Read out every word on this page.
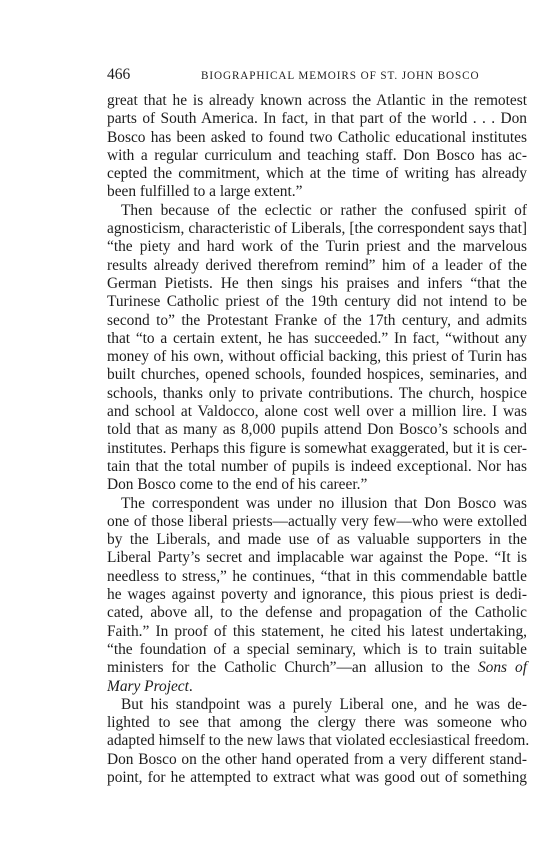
466	BIOGRAPHICAL MEMOIRS OF ST. JOHN BOSCO
great that he is already known across the Atlantic in the remotest
parts of South America. In fact, in that part of the world . . . Don
Bosco has been asked to found two Catholic educational institutes
with a regular curriculum and teaching staff. Don Bosco has ac-
cepted the commitment, which at the time of writing has already
been fulfilled to a large extent.”
Then because of the eclectic or rather the confused spirit of
agnosticism, characteristic of Liberals, [the correspondent says that]
“the piety and hard work of the Turin priest and the marvelous
results already derived therefrom remind” him of a leader of the
German Pietists. He then sings his praises and infers “that the
Turinese Catholic priest of the 19th century did not intend to be
second to” the Protestant Franke of the 17th century, and admits
that “to a certain extent, he has succeeded.” In fact, “without any
money of his own, without official backing, this priest of Turin has
built churches, opened schools, founded hospices, seminaries, and
schools, thanks only to private contributions. The church, hospice
and school at Valdocco, alone cost well over a million lire. I was
told that as many as 8,000 pupils attend Don Bosco’s schools and
institutes. Perhaps this figure is somewhat exaggerated, but it is cer-
tain that the total number of pupils is indeed exceptional. Nor has
Don Bosco come to the end of his career.”
The correspondent was under no illusion that Don Bosco was
one of those liberal priests—actually very few—who were extolled
by the Liberals, and made use of as valuable supporters in the
Liberal Party’s secret and implacable war against the Pope. “It is
needless to stress,” he continues, “that in this commendable battle
he wages against poverty and ignorance, this pious priest is dedi-
cated, above all, to the defense and propagation of the Catholic
Faith.” In proof of this statement, he cited his latest undertaking,
“the foundation of a special seminary, which is to train suitable
ministers for the Catholic Church”—an allusion to the Sons of
Mary Project.
But his standpoint was a purely Liberal one, and he was de-
lighted to see that among the clergy there was someone who
adapted himself to the new laws that violated ecclesiastical freedom.
Don Bosco on the other hand operated from a very different stand-
point, for he attempted to extract what was good out of something
